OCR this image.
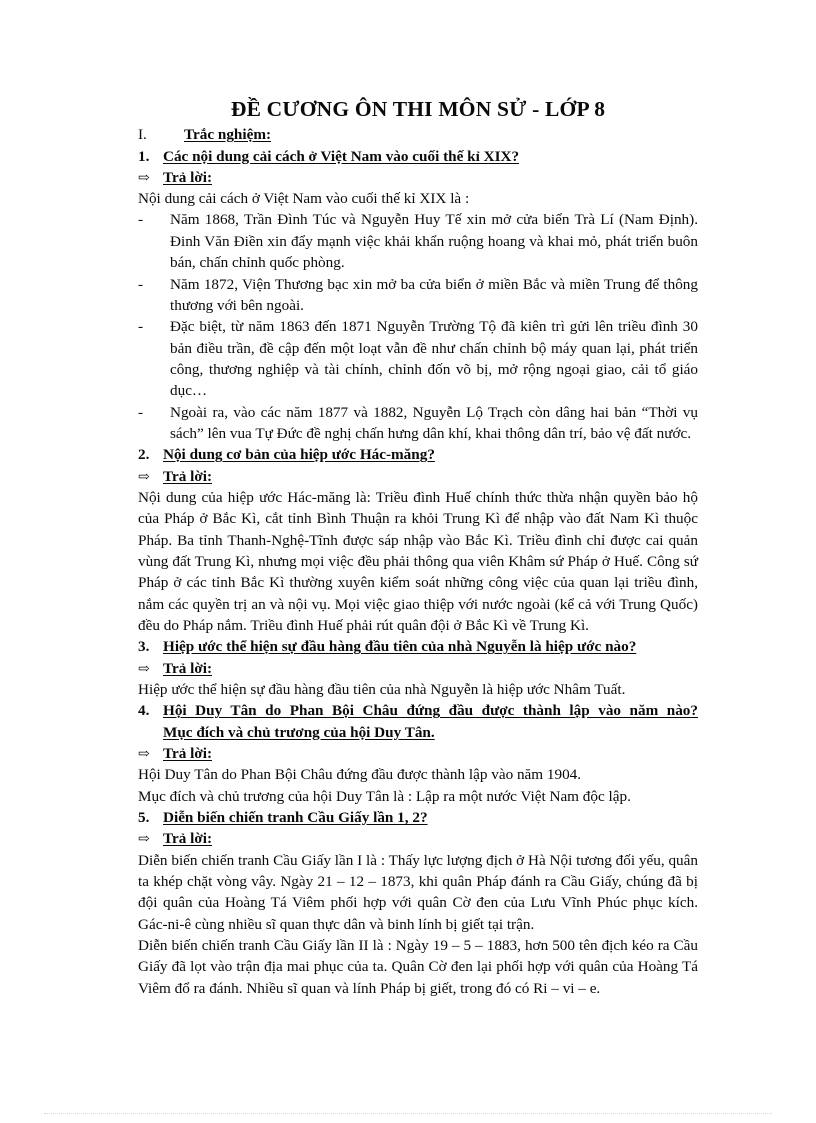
ĐỀ CƯƠNG ÔN THI MÔN SỬ - LỚP 8
I.	Trắc nghiệm:
1. Các nội dung cải cách ở Việt Nam vào cuối thế kỉ XIX?
⇨ Trả lời:

Nội dung cải cách ở Việt Nam vào cuối thế kỉ XIX là :

-	Năm 1868, Trần Đình Túc và Nguyễn Huy Tế xin mở cửa biển Trà Lí (Nam Định). Đinh Văn Điền xin đẩy mạnh việc khải khẩn ruộng hoang và khai mỏ, phát triển buôn bán, chấn chỉnh quốc phòng.
-	Năm 1872, Viện Thương bạc xin mở ba cửa biển ở miền Bắc và miền Trung để thông thương với bên ngoài.
-	Đặc biệt, từ năm 1863 đến 1871 Nguyễn Trường Tộ đã kiên trì gửi lên triều đình 30 bản điều trần, đề cập đến một loạt vẫn đề như chấn chỉnh bộ máy quan lại, phát triển công, thương nghiệp và tài chính, chỉnh đốn võ bị, mở rộng ngoại giao, cải tổ giáo dục…
-	Ngoài ra, vào các năm 1877 và 1882, Nguyễn Lộ Trạch còn dâng hai bản “Thời vụ sách” lên vua Tự Đức đề nghị chấn hưng dân khí, khai thông dân trí, bảo vệ đất nước.
2. Nội dung cơ bản của hiệp ước Hác-măng?
⇨ Trả lời:

Nội dung của hiệp ước Hác-măng là: Triều đình Huế chính thức thừa nhận quyền bảo hộ của Pháp ở Bắc Kì, cắt tỉnh Bình Thuận ra khỏi Trung Kì để nhập vào đất Nam Kì thuộc Pháp. Ba tỉnh Thanh-Nghệ-Tĩnh được sáp nhập vào Bắc Kì. Triều đình chỉ được cai quản vùng đất Trung Kì, nhưng mọi việc đều phải thông qua viên Khâm sứ Pháp ở Huế. Công sứ Pháp ở các tỉnh Bắc Kì thường xuyên kiểm soát những công việc của quan lại triều đình, nắm các quyền trị an và nội vụ. Mọi việc giao thiệp với nước ngoài (kể cả với Trung Quốc) đều do Pháp nắm. Triều đình Huế phải rút quân đội ở Bắc Kì về Trung Kì.

3. Hiệp ước thể hiện sự đầu hàng đầu tiên của nhà Nguyễn là hiệp ước nào?
⇨ Trả lời:

Hiệp ước thể hiện sự đầu hàng đầu tiên của nhà Nguyễn là hiệp ước Nhâm Tuất.

4. Hội Duy Tân do Phan Bội Châu đứng đầu được thành lập vào năm nào?
Mục đích và chủ trương của hội Duy Tân.
⇨ Trả lời:

Hội Duy Tân do Phan Bội Châu đứng đầu được thành lập vào năm 1904.

Mục đích và chủ trương của hội Duy Tân là : Lập ra một nước Việt Nam độc lập.

5. Diễn biến chiến tranh Cầu Giấy lần 1, 2?
⇨ Trả lời:

Diễn biến chiến tranh Cầu Giấy lần I là : Thấy lực lượng địch ở Hà Nội tương đối yếu, quân ta khép chặt vòng vây. Ngày 21 – 12 – 1873, khi quân Pháp đánh ra Cầu Giấy, chúng đã bị đội quân của Hoàng Tá Viêm phối hợp với quân Cờ đen của Lưu Vĩnh Phúc phục kích. Gác-ni-ê cùng nhiều sĩ quan thực dân và binh lính bị giết tại trận.

Diễn biến chiến tranh Cầu Giấy lần II là : Ngày 19 – 5 – 1883, hơn 500 tên địch kéo ra Cầu Giấy đã lọt vào trận địa mai phục của ta. Quân Cờ đen lại phối hợp với quân của Hoàng Tá Viêm đổ ra đánh. Nhiều sĩ quan và lính Pháp bị giết, trong đó có Ri – vi – e.
